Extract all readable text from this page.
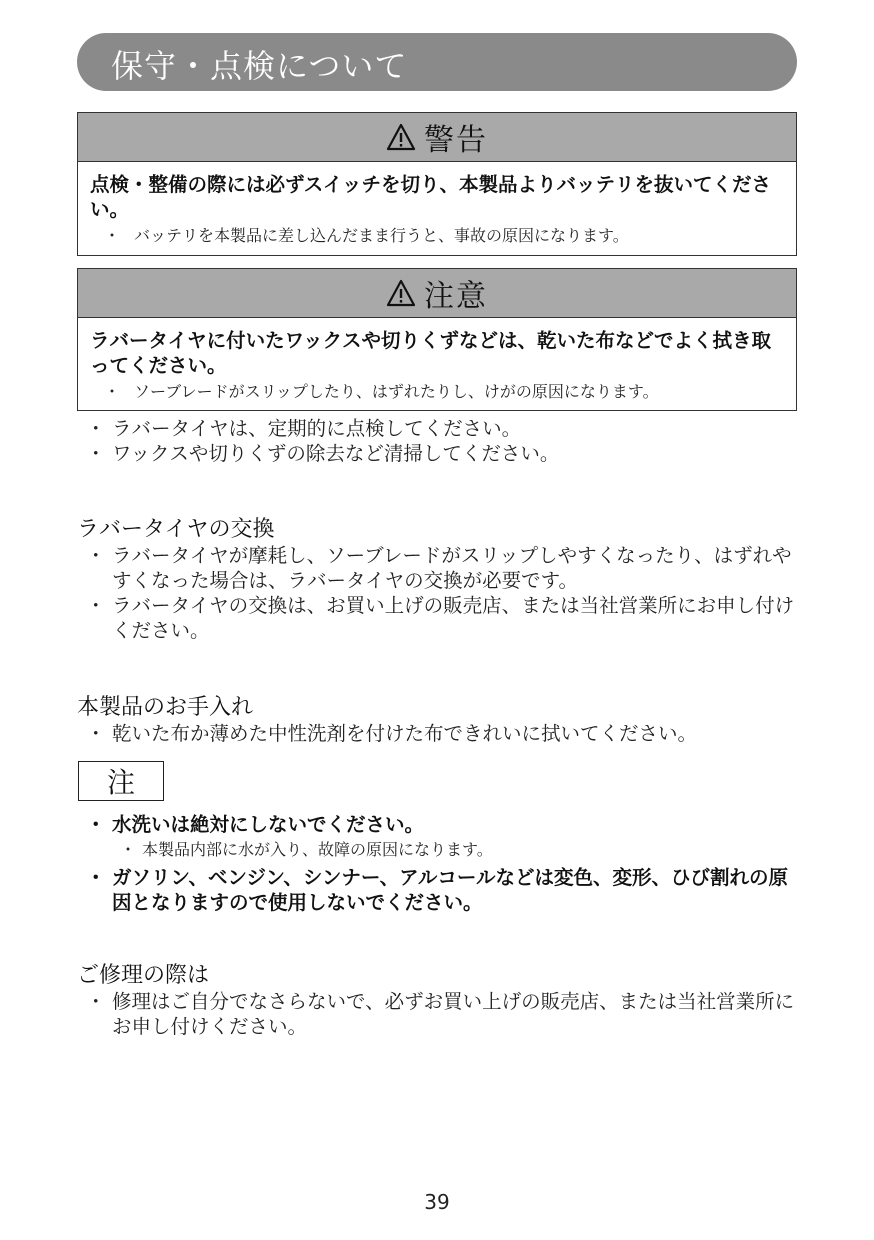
保守・点検について
警告
点検・整備の際には必ずスイッチを切り、本製品よりバッテリを抜いてください。
・ バッテリを本製品に差し込んだまま行うと、事故の原因になります。
注意
ラバータイヤに付いたワックスや切りくずなどは、乾いた布などでよく拭き取ってください。
・ ソーブレードがスリップしたり、はずれたりし、けがの原因になります。
・ ラバータイヤは、定期的に点検してください。
・ ワックスや切りくずの除去など清掃してください。
ラバータイヤの交換
・ ラバータイヤが摩耗し、ソーブレードがスリップしやすくなったり、はずれやすくなった場合は、ラバータイヤの交換が必要です。
・ ラバータイヤの交換は、お買い上げの販売店、または当社営業所にお申し付けください。
本製品のお手入れ
・ 乾いた布か薄めた中性洗剤を付けた布できれいに拭いてください。
注
・ 水洗いは絶対にしないでください。
・ 本製品内部に水が入り、故障の原因になります。
・ ガソリン、ベンジン、シンナー、アルコールなどは変色、変形、ひび割れの原因となりますので使用しないでください。
ご修理の際は
・ 修理はご自分でなさらないで、必ずお買い上げの販売店、または当社営業所にお申し付けください。
39
